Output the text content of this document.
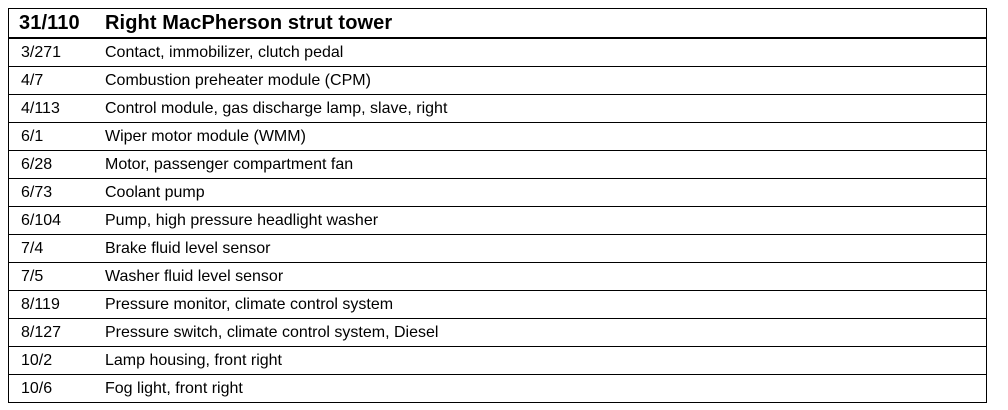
31/110	Right MacPherson strut tower
3/271	Contact, immobilizer, clutch pedal
4/7	Combustion preheater module (CPM)
4/113	Control module, gas discharge lamp, slave, right
6/1	Wiper motor module (WMM)
6/28	Motor, passenger compartment fan
6/73	Coolant pump
6/104	Pump, high pressure headlight washer
7/4	Brake fluid level sensor
7/5	Washer fluid level sensor
8/119	Pressure monitor, climate control system
8/127	Pressure switch, climate control system, Diesel
10/2	Lamp housing, front right
10/6	Fog light, front right
